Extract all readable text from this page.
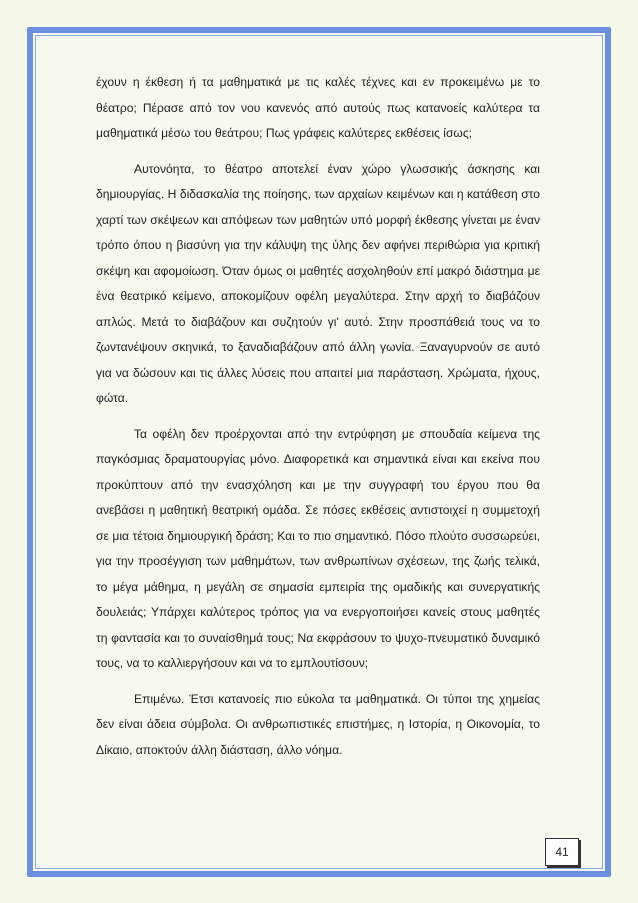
έχουν η έκθεση ή τα μαθηματικά με τις καλές τέχνες και εν προκειμένω με το θέατρο; Πέρασε από τον νου κανενός από αυτούς πως κατανοείς καλύτερα τα μαθηματικά μέσω του θεάτρου; Πως γράφεις καλύτερες εκθέσεις ίσως;

Αυτονόητα, το θέατρο αποτελεί έναν χώρο γλωσσικής άσκησης και δημιουργίας. Η διδασκαλία της ποίησης, των αρχαίων κειμένων και η κατάθεση στο χαρτί των σκέψεων και απόψεων των μαθητών υπό μορφή έκθεσης γίνεται με έναν τρόπο όπου η βιασύνη για την κάλυψη της ύλης δεν αφήνει περιθώρια για κριτική σκέψη και αφομοίωση. Όταν όμως οι μαθητές ασχοληθούν επί μακρό διάστημα με ένα θεατρικό κείμενο, αποκομίζουν οφέλη μεγαλύτερα. Στην αρχή το διαβάζουν απλώς. Μετά το διαβάζουν και συζητούν γι' αυτό. Στην προσπάθειά τους να το ζωντανέψουν σκηνικά, το ξαναδιαβάζουν από άλλη γωνία. Ξαναγυρνούν σε αυτό για να δώσουν και τις άλλες λύσεις που απαιτεί μια παράσταση. Χρώματα, ήχους, φώτα.

Τα οφέλη δεν προέρχονται από την εντρύφηση με σπουδαία κείμενα της παγκόσμιας δραματουργίας μόνο. Διαφορετικά και σημαντικά είναι και εκείνα που προκύπτουν από την ενασχόληση και με την συγγραφή του έργου που θα ανεβάσει η μαθητική θεατρική ομάδα. Σε πόσες εκθέσεις αντιστοιχεί η συμμετοχή σε μια τέτοια δημιουργική δράση; Και το πιο σημαντικό. Πόσο πλούτο συσσωρεύει, για την προσέγγιση των μαθημάτων, των ανθρωπίνων σχέσεων, της ζωής τελικά, το μέγα μάθημα, η μεγάλη σε σημασία εμπειρία της ομαδικής και συνεργατικής δουλειάς; Υπάρχει καλύτερος τρόπος για να ενεργοποιήσει κανείς στους μαθητές τη φαντασία και το συναίσθημά τους; Να εκφράσουν το ψυχο-πνευματικό δυναμικό τους, να το καλλιεργήσουν και να το εμπλουτίσουν;

Επιμένω. Έτσι κατανοείς πιο εύκολα τα μαθηματικά. Οι τύποι της χημείας δεν είναι άδεια σύμβολα. Οι ανθρωπιστικές επιστήμες, η Ιστορία, η Οικονομία, το Δίκαιο, αποκτούν άλλη διάσταση, άλλο νόημα.

41
